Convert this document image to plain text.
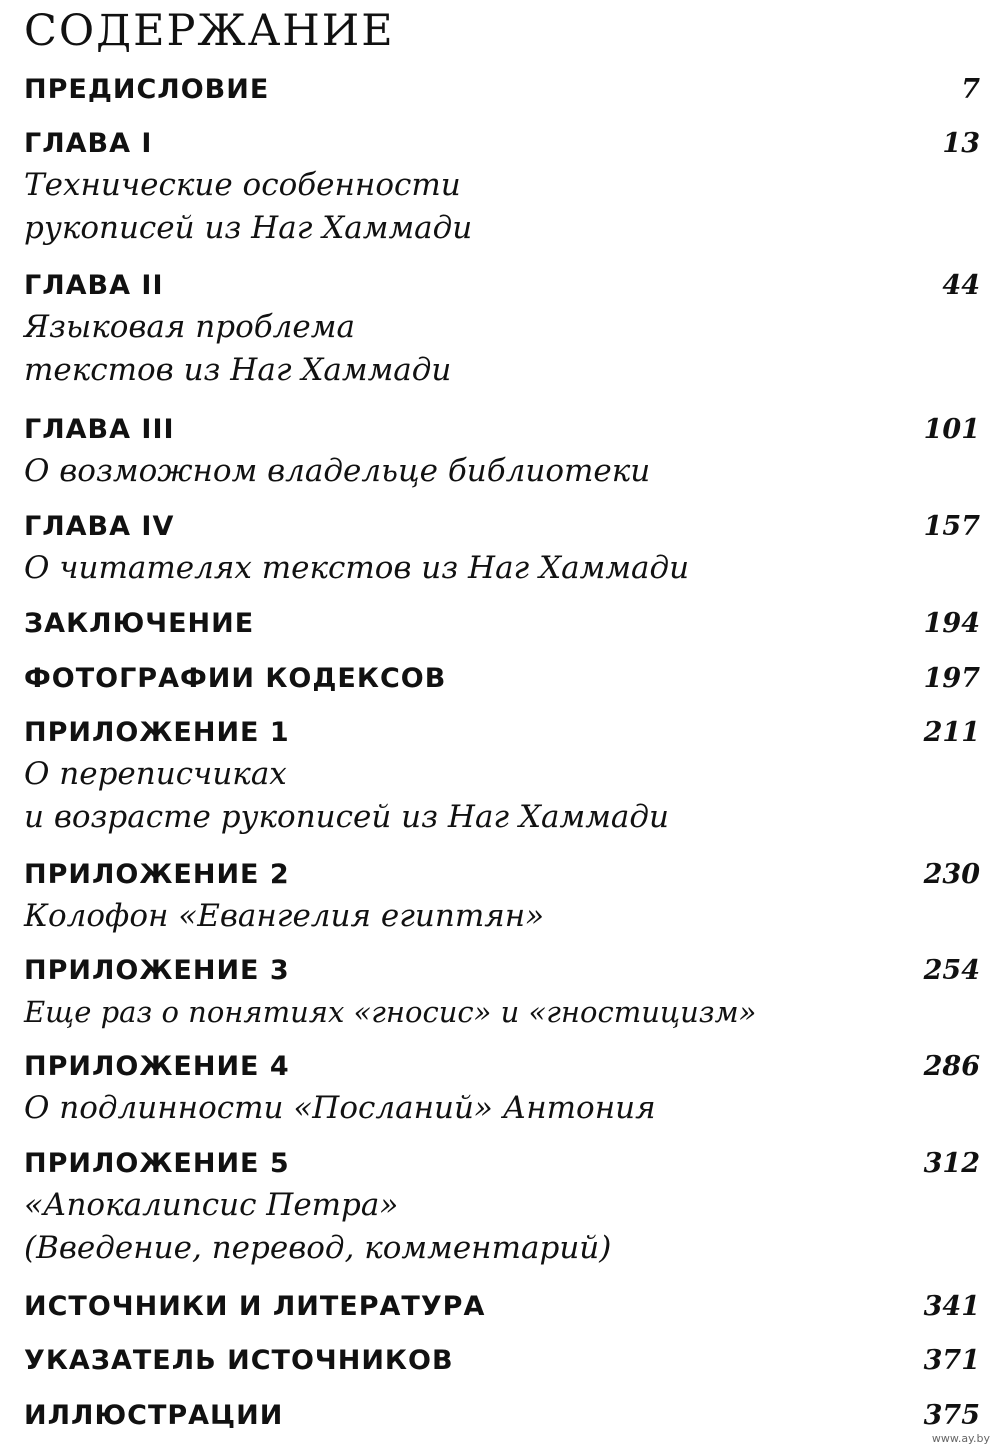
СОДЕРЖАНИЕ
ПРЕДИСЛОВИЕ	7
ГЛАВА I	13
Технические особенности
рукописей из Наг Хаммади
ГЛАВА II	44
Языковая проблема
текстов из Наг Хаммади
ГЛАВА III	101
О возможном владельце библиотеки
ГЛАВА IV	157
О читателях текстов из Наг Хаммади
ЗАКЛЮЧЕНИЕ	194
ФОТОГРАФИИ КОДЕКСОВ	197
ПРИЛОЖЕНИЕ 1	211
О переписчиках
и возрасте рукописей из Наг Хаммади
ПРИЛОЖЕНИЕ 2	230
Колофон «Евангелия египтян»
ПРИЛОЖЕНИЕ 3	254
Еще раз о понятиях «гносис» и «гностицизм»
ПРИЛОЖЕНИЕ 4	286
О подлинности «Посланий» Антония
ПРИЛОЖЕНИЕ 5	312
«Апокалипсис Петра»
(Введение, перевод, комментарий)
ИСТОЧНИКИ И ЛИТЕРАТУРА	341
УКАЗАТЕЛЬ ИСТОЧНИКОВ	371
ИЛЛЮСТРАЦИИ	375
www.ay.by
